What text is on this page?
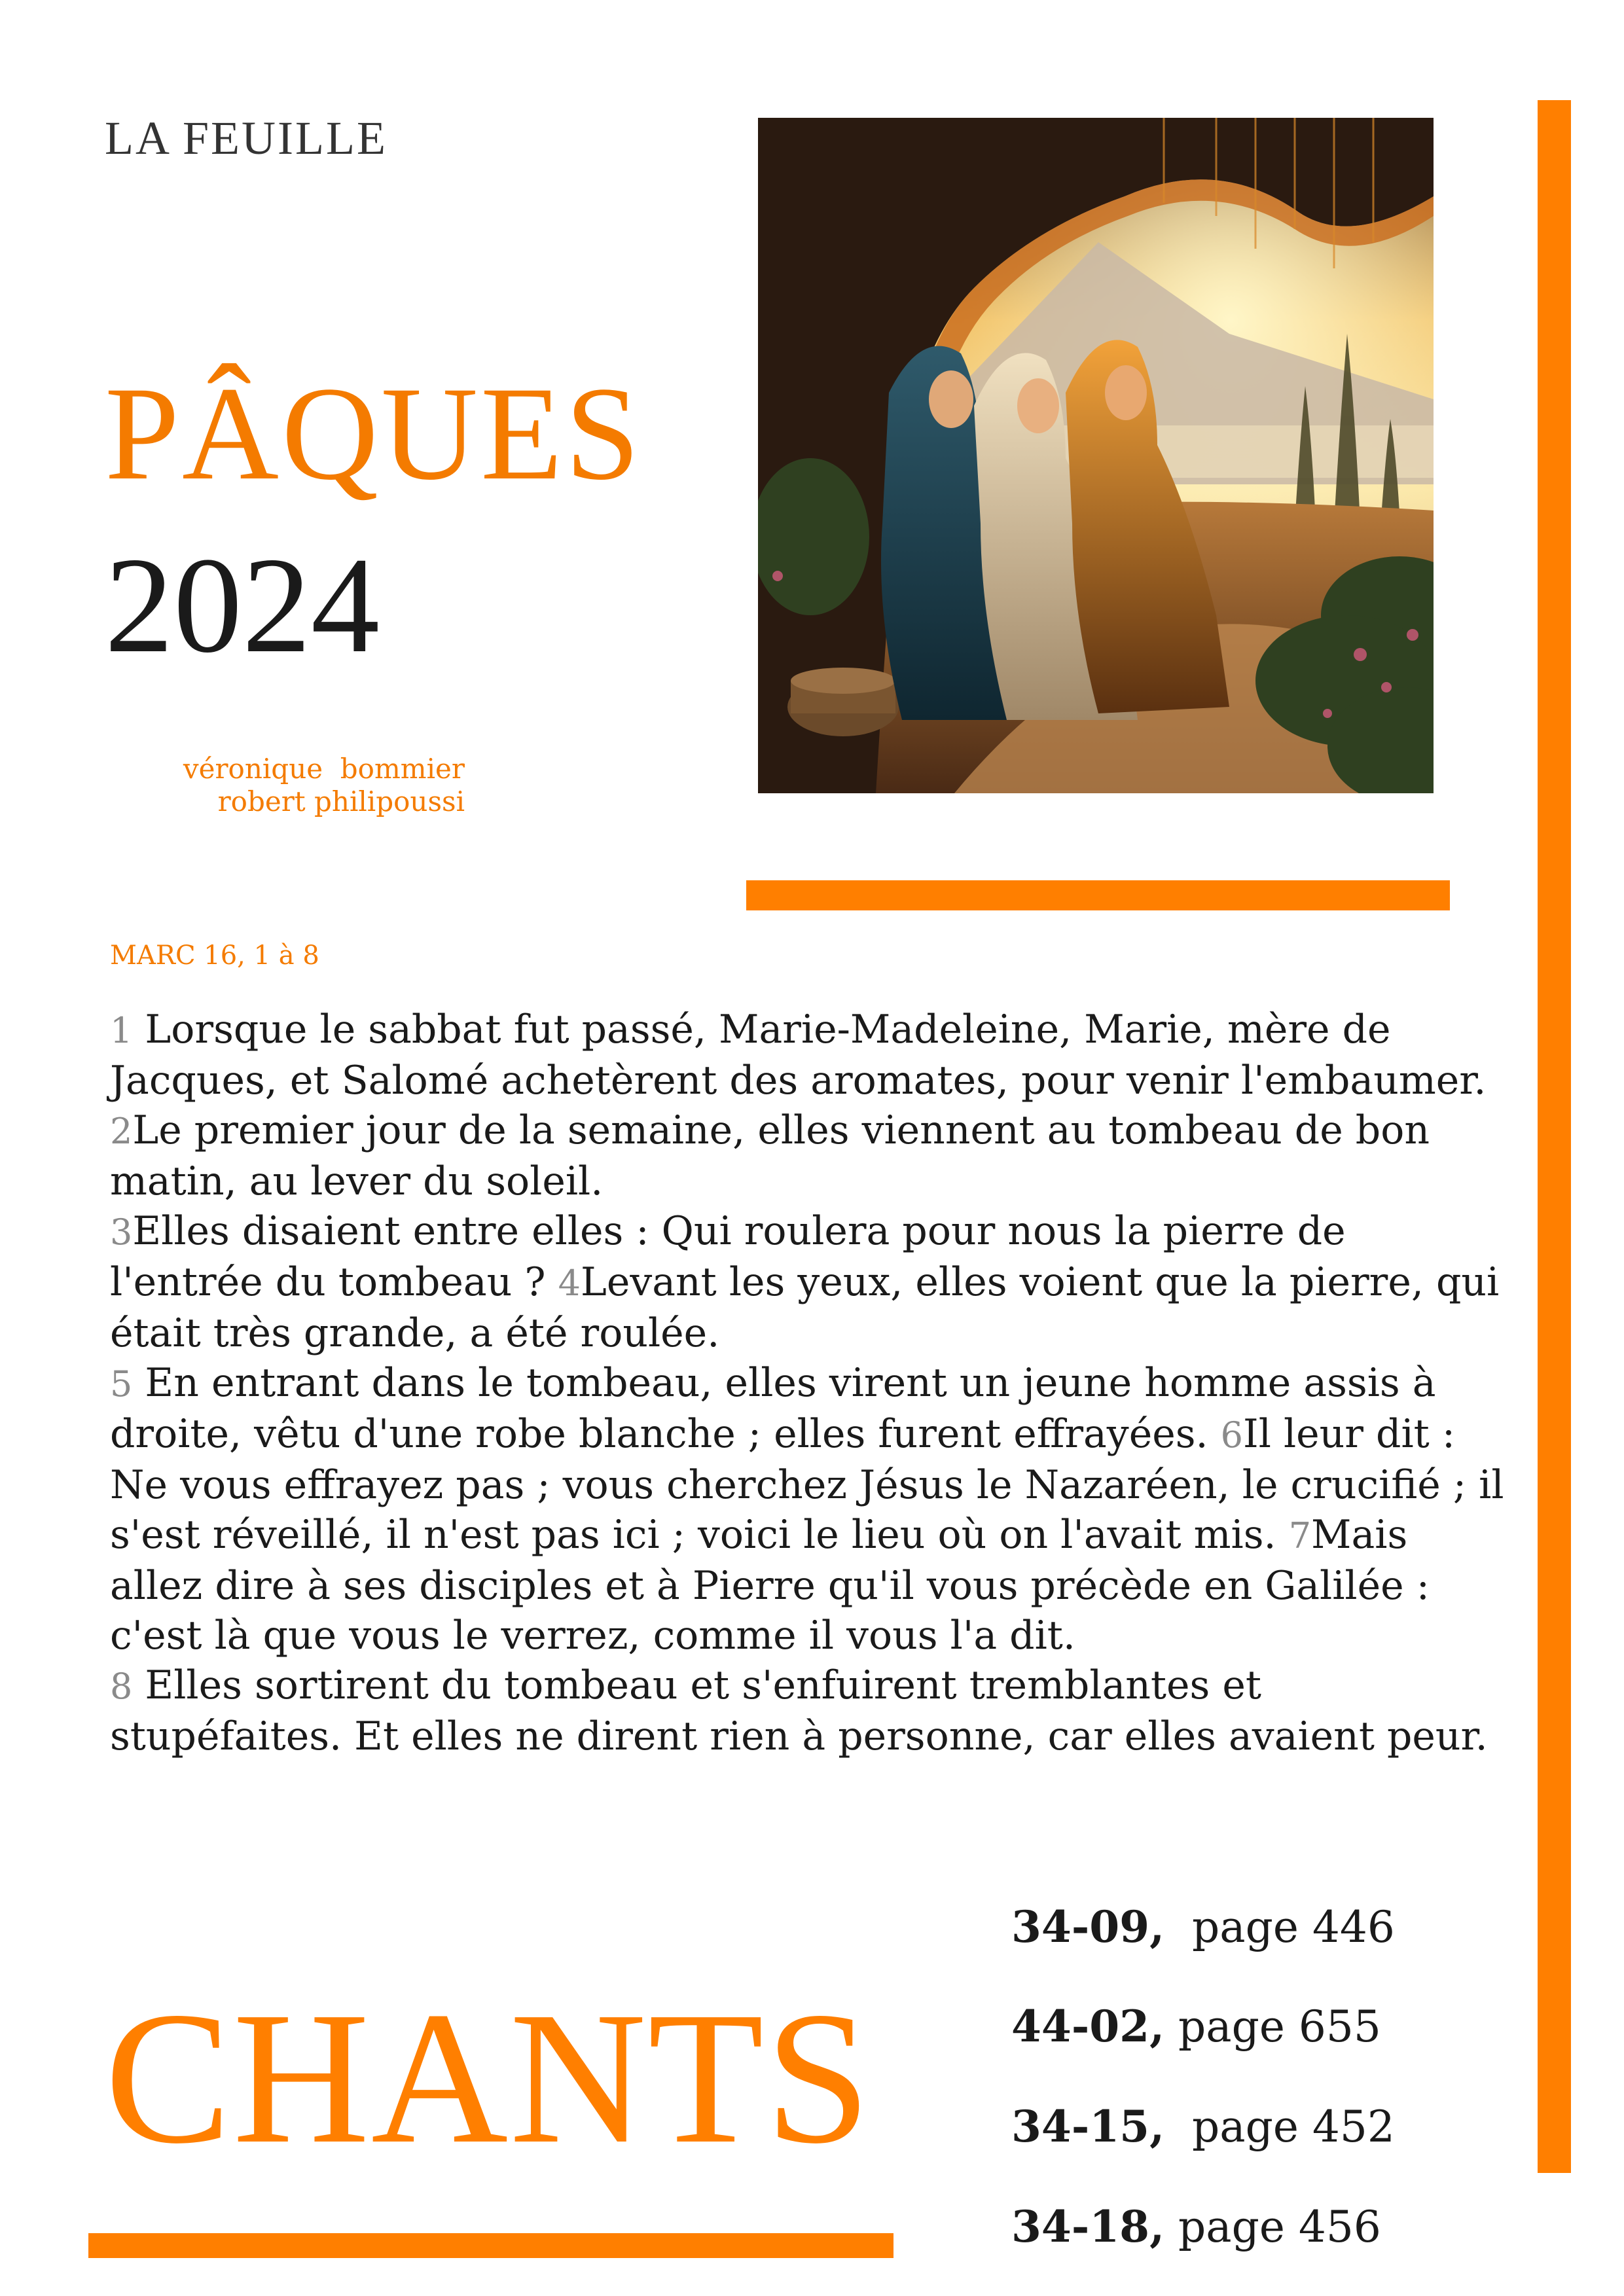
LA FEUILLE
PÂQUES
2024
véronique  bommier
robert philipoussi
MARC 16, 1 à 8
1 Lorsque le sabbat fut passé, Marie-Madeleine, Marie, mère de Jacques, et Salomé achetèrent des aromates, pour venir l'embaumer. 2Le premier jour de la semaine, elles viennent au tombeau de bon matin, au lever du soleil.
3Elles disaient entre elles : Qui roulera pour nous la pierre de l'entrée du tombeau ? 4Levant les yeux, elles voient que la pierre, qui était très grande, a été roulée.
5 En entrant dans le tombeau, elles virent un jeune homme assis à droite, vêtu d'une robe blanche ; elles furent effrayées. 6Il leur dit : Ne vous effrayez pas ; vous cherchez Jésus le Nazaréen, le crucifié ; il s'est réveillé, il n'est pas ici ; voici le lieu où on l'avait mis. 7Mais allez dire à ses disciples et à Pierre qu'il vous précède en Galilée : c'est là que vous le verrez, comme il vous l'a dit.
8 Elles sortirent du tombeau et s'enfuirent tremblantes et stupéfaites. Et elles ne dirent rien à personne, car elles avaient peur.
CHANTS
34-09,  page 446
44-02, page 655
34-15,  page 452
34-18, page 456
